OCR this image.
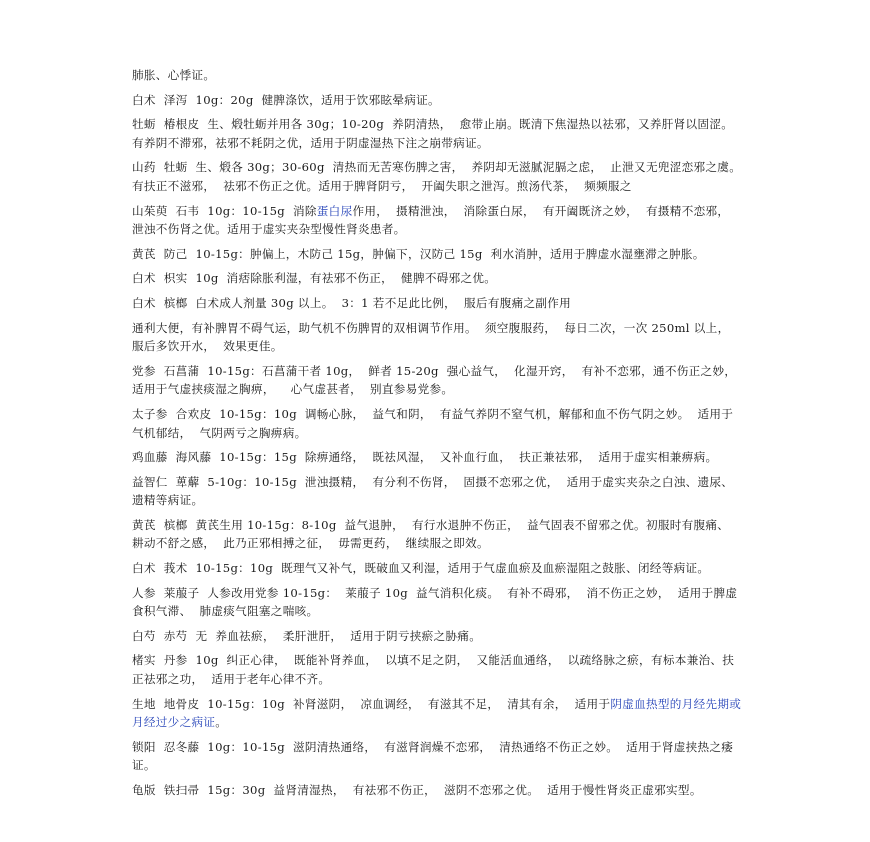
肺胀、心悸证。

白术  泽泻  10g：20g  健脾涤饮，适用于饮邪眩晕病证。

牡蛎  椿根皮  生、煅牡蛎并用各 30g；10-20g  养阴清热，  愈带止崩。既清下焦湿热以祛邪，又养肝肾以固涩。有养阴不滞邪，祛邪不耗阴之优，适用于阴虚湿热下注之崩带病证。

山药  牡蛎  生、煅各 30g；30-60g  清热而无苦寒伤脾之害，  养阴却无滋腻泥膈之虑，  止泄又无兜涩恋邪之虞。  有扶正不滋邪，  祛邪不伤正之优。适用于脾肾阴亏，  开阖失职之泄泻。煎汤代茶，  频频服之

山茱萸  石韦  10g：10-15g  消除蛋白尿作用，  摄精泄浊，  消除蛋白尿，  有开阖既济之妙，  有摄精不恋邪，  泄浊不伤肾之优。适用于虚实夹杂型慢性肾炎患者。

黄芪  防己  10-15g：肿偏上，木防己 15g，肿偏下，汉防己 15g  利水消肿，适用于脾虚水湿壅滞之肿胀。

白术  枳实  10g  消痞除胀利湿，有祛邪不伤正，  健脾不碍邪之优。

白术  槟榔  白术成人剂量 30g 以上。  3：1 若不足此比例，  服后有腹痛之副作用

通利大便，有补脾胃不碍气运，助气机不伤脾胃的双相调节作用。  须空腹服药，  每日二次，一次 250ml 以上，  服后多饮开水，  效果更佳。

党参  石菖蒲  10-15g：石菖蒲干者 10g，  鲜者 15-20g  强心益气，  化湿开窍，  有补不恋邪，通不伤正之妙，  适用于气虚挟痰湿之胸痹，    心气虚甚者，  别直参易党参。

太子参  合欢皮  10-15g：10g  调畅心脉，  益气和阴，  有益气养阴不窒气机，解郁和血不伤气阴之妙。  适用于气机郁结，  气阴两亏之胸痹病。

鸡血藤  海风藤  10-15g：15g  除痹通络，  既祛风湿，  又补血行血，  扶正兼祛邪，  适用于虚实相兼痹病。

益智仁  萆薢  5-10g：10-15g  泄浊摄精，  有分利不伤肾，  固摄不恋邪之优，  适用于虚实夹杂之白浊、遗尿、遗精等病证。

黄芪  槟榔  黄芪生用 10-15g：8-10g  益气退肿，  有行水退肿不伤正，  益气固表不留邪之优。初服时有腹痛、  耕动不舒之感，  此乃正邪相搏之征，  毋需更药，  继续服之即效。

白术  莪术  10-15g：10g  既理气又补气，既破血又利湿，适用于气虚血瘀及血瘀湿阻之鼓胀、闭经等病证。

人参  莱菔子  人参改用党参 10-15g：  莱菔子 10g  益气消积化痰。  有补不碍邪，  消不伤正之妙，  适用于脾虚食积气滞、  肺虚痰气阻塞之喘咳。

白芍  赤芍  无  养血祛瘀，  柔肝泄肝，  适用于阴亏挟瘀之胁痛。

楮实  丹参  10g  纠正心律，  既能补肾养血，  以填不足之阴，  又能活血通络，  以疏络脉之瘀，有标本兼治、扶正祛邪之功，  适用于老年心律不齐。

生地  地骨皮  10-15g：10g  补肾滋阴，  凉血调经，  有滋其不足，  清其有余，  适用于阴虚血热型的月经先期或月经过少之病证。

锁阳  忍冬藤  10g：10-15g  滋阴清热通络，  有滋肾润燥不恋邪，  清热通络不伤正之妙。  适用于肾虚挟热之痿证。

龟版  铁扫帚  15g：30g  益肾清湿热，  有祛邪不伤正，  滋阴不恋邪之优。  适用于慢性肾炎正虚邪实型。
